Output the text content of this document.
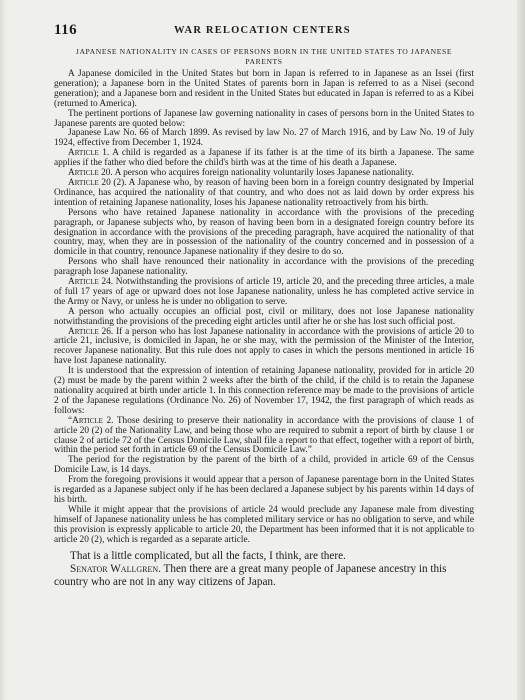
116	WAR RELOCATION CENTERS
JAPANESE NATIONALITY IN CASES OF PERSONS BORN IN THE UNITED STATES TO JAPANESE PARENTS

A Japanese domiciled in the United States but born in Japan is referred to in Japanese as an Issei (first generation); a Japanese born in the United States of parents born in Japan is referred to as a Nisei (second generation); and a Japanese born and resident in the United States but educated in Japan is referred to as a Kibei (returned to America).

The pertinent portions of Japanese law governing nationality in cases of persons born in the United States to Japanese parents are quoted below:

Japanese Law No. 66 of March 1899. As revised by law No. 27 of March 1916, and by Law No. 19 of July 1924, effective from December 1, 1924.

Article 1. A child is regarded as a Japanese if its father is at the time of its birth a Japanese. The same applies if the father who died before the child's birth was at the time of his death a Japanese.

Article 20. A person who acquires foreign nationality voluntarily loses Japanese nationality.

Article 20 (2). A Japanese who, by reason of having been born in a foreign country designated by Imperial Ordinance, has acquired the nationality of that country, and who does not as laid down by order express his intention of retaining Japanese nationality, loses his Japanese nationality retroactively from his birth.

Persons who have retained Japanese nationality in accordance with the provisions of the preceding paragraph, or Japanese subjects who, by reason of having been born in a designated foreign country before its designation in accordance with the provisions of the preceding paragraph, have acquired the nationality of that country, may, when they are in possession of the nationality of the country concerned and in possession of a domicile in that country, renounce Japanese nationality if they desire to do so.

Persons who shall have renounced their nationality in accordance with the provisions of the preceding paragraph lose Japanese nationality.

Article 24. Notwithstanding the provisions of article 19, article 20, and the preceding three articles, a male of full 17 years of age or upward does not lose Japanese nationality, unless he has completed active service in the Army or Navy, or unless he is under no obligation to serve.

A person who actually occupies an official post, civil or military, does not lose Japanese nationality notwithstanding the provisions of the preceding eight articles until after he or she has lost such official post.

Article 26. If a person who has lost Japanese nationality in accordance with the provisions of article 20 to article 21, inclusive, is domiciled in Japan, he or she may, with the permission of the Minister of the Interior, recover Japanese nationality. But this rule does not apply to cases in which the persons mentioned in article 16 have lost Japanese nationality.

It is understood that the expression of intention of retaining Japanese nationality, provided for in article 20 (2) must be made by the parent within 2 weeks after the birth of the child, if the child is to retain the Japanese nationality acquired at birth under article 1. In this connection reference may be made to the provisions of article 2 of the Japanese regulations (Ordinance No. 26) of November 17, 1942, the first paragraph of which reads as follows:

“Article 2. Those desiring to preserve their nationality in accordance with the provisions of clause 1 of article 20 (2) of the Nationality Law, and being those who are required to submit a report of birth by clause 1 or clause 2 of article 72 of the Census Domicile Law, shall file a report to that effect, together with a report of birth, within the period set forth in article 69 of the Census Domicile Law.”

The period for the registration by the parent of the birth of a child, provided in article 69 of the Census Domicile Law, is 14 days.

From the foregoing provisions it would appear that a person of Japanese parentage born in the United States is regarded as a Japanese subject only if he has been declared a Japanese subject by his parents within 14 days of his birth.

While it might appear that the provisions of article 24 would preclude any Japanese male from divesting himself of Japanese nationality unless he has completed military service or has no obligation to serve, and while this provision is expressly applicable to article 20, the Department has been informed that it is not applicable to article 20 (2), which is regarded as a separate article.

That is a little complicated, but all the facts, I think, are there.

Senator Wallgren. Then there are a great many people of Japanese ancestry in this country who are not in any way citizens of Japan.
